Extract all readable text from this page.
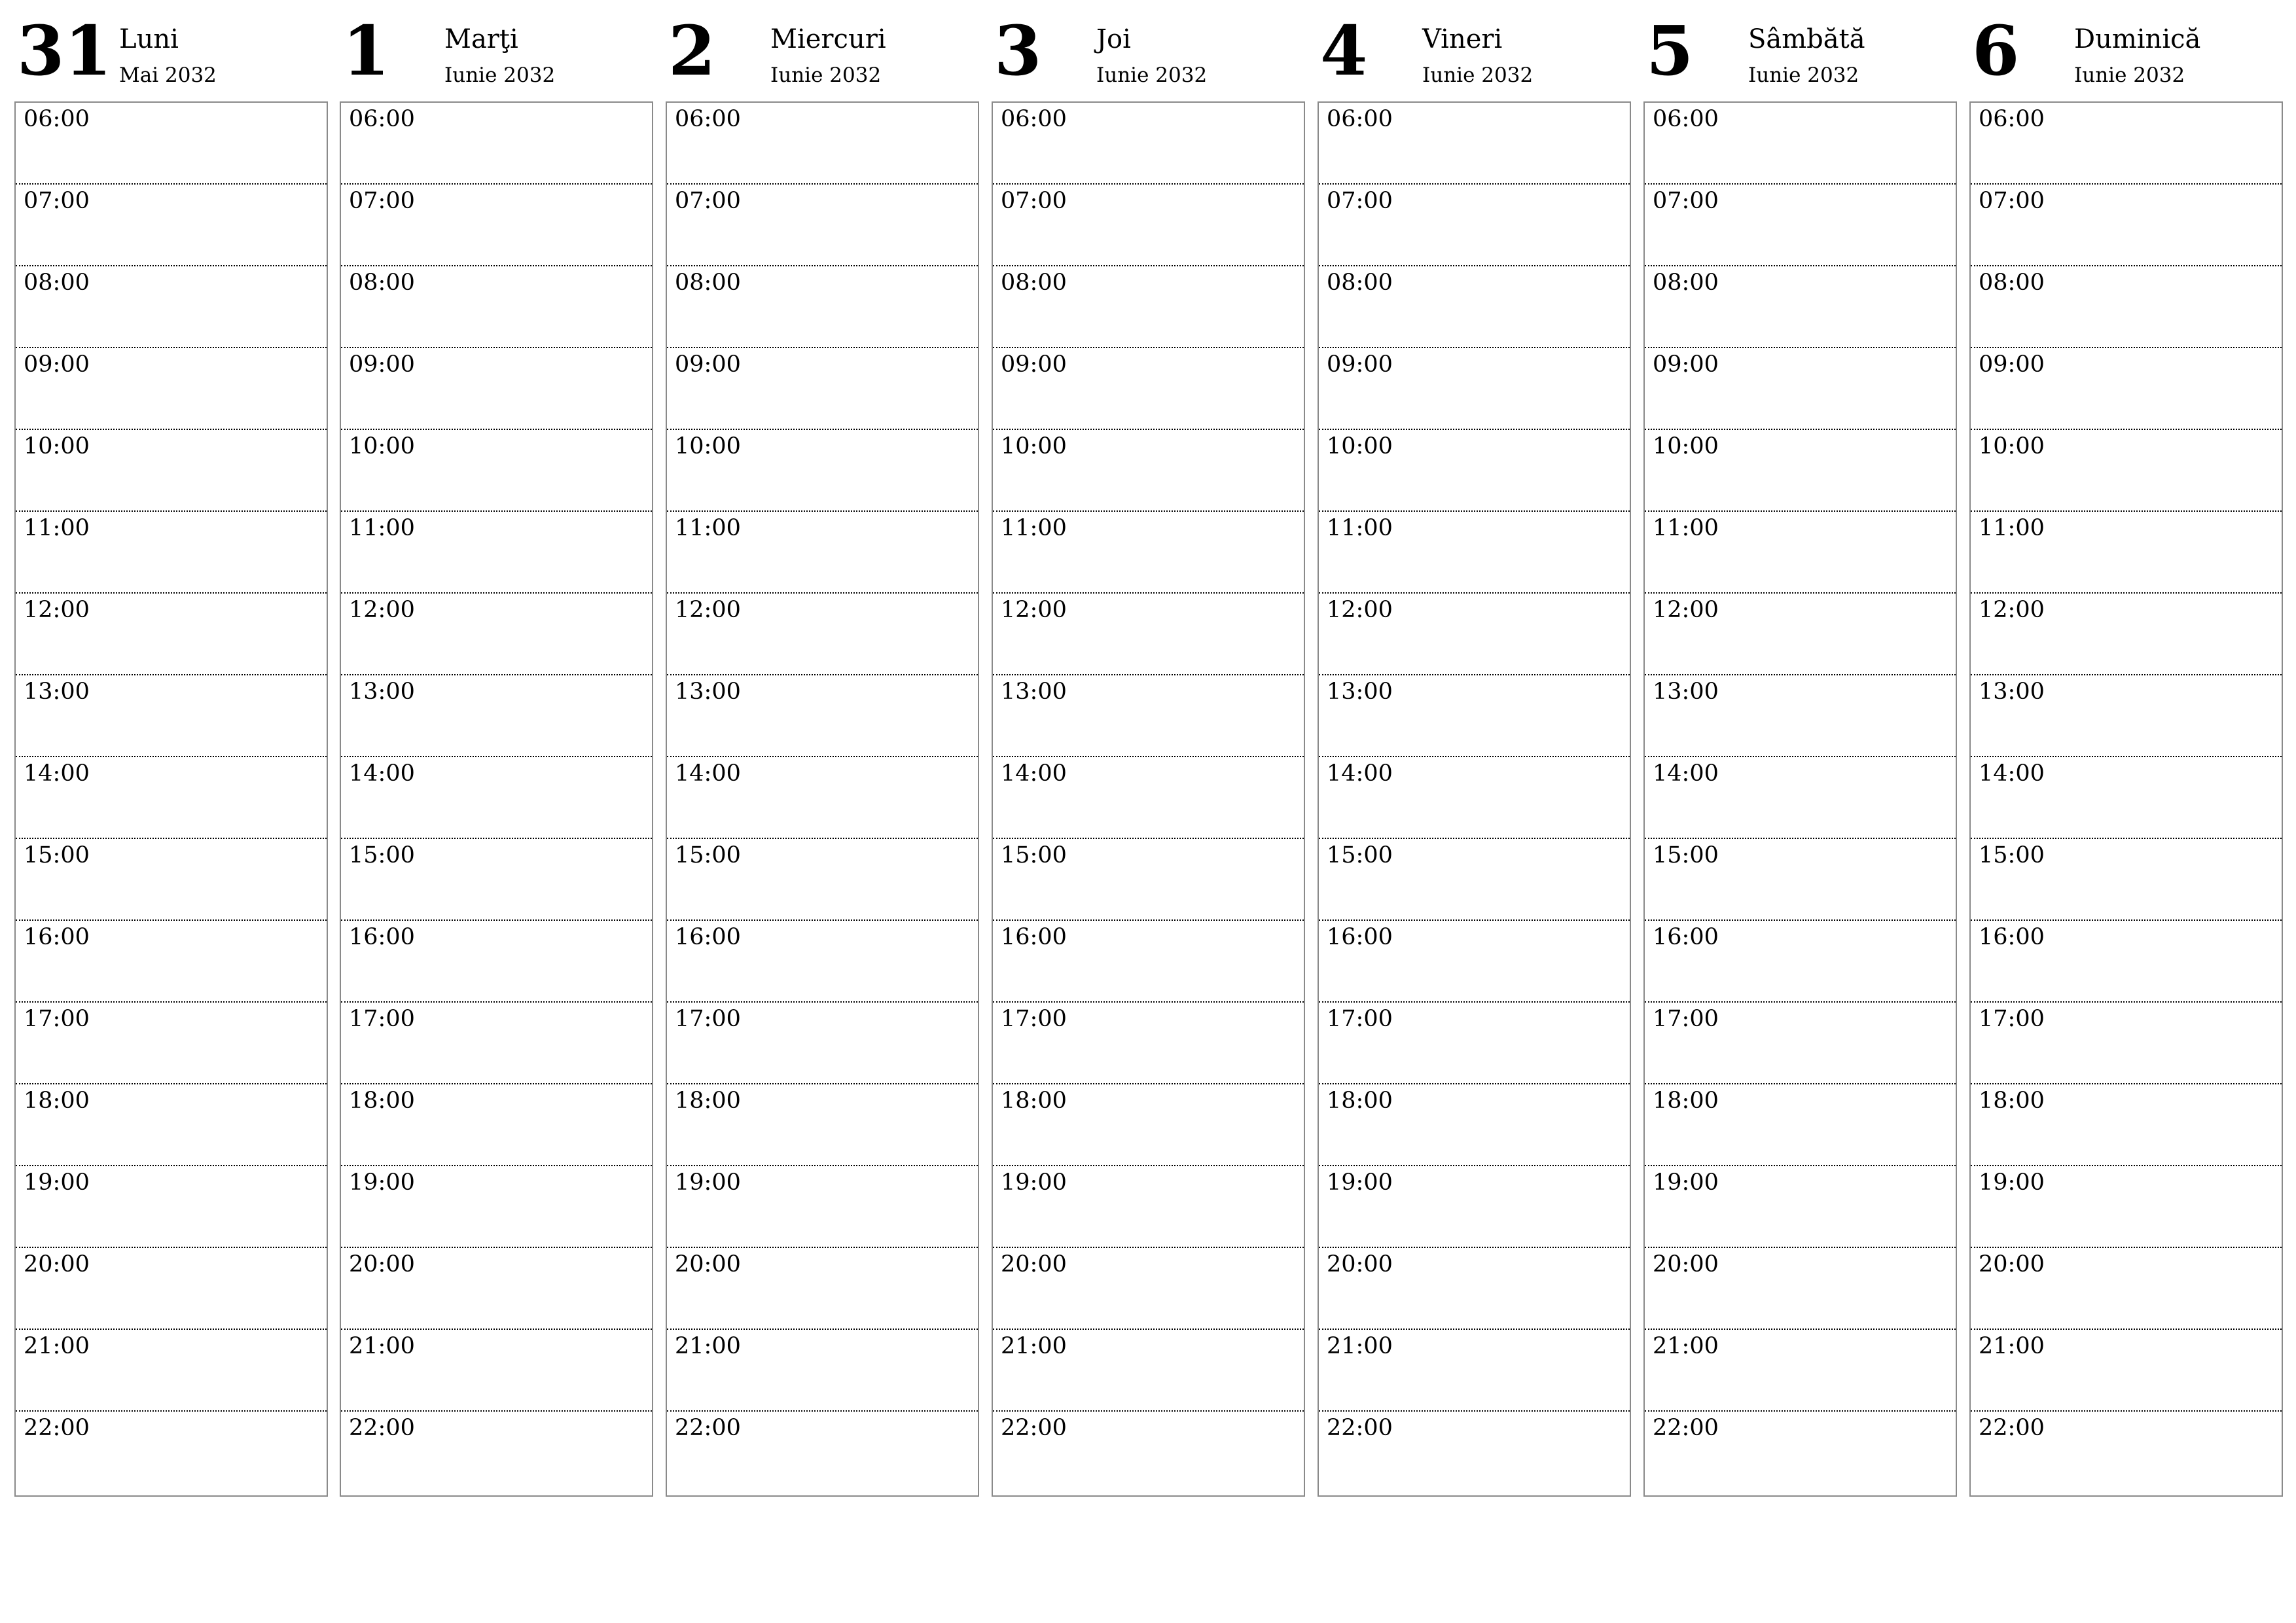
31 Luni
Mai 2032
06:00
07:00
08:00
09:00
10:00
11:00
12:00
13:00
14:00
15:00
16:00
17:00
18:00
19:00
20:00
21:00
22:00
1 Marţi
Iunie 2032
06:00
07:00
08:00
09:00
10:00
11:00
12:00
13:00
14:00
15:00
16:00
17:00
18:00
19:00
20:00
21:00
22:00
2 Miercuri
Iunie 2032
06:00
07:00
08:00
09:00
10:00
11:00
12:00
13:00
14:00
15:00
16:00
17:00
18:00
19:00
20:00
21:00
22:00
3 Joi
Iunie 2032
06:00
07:00
08:00
09:00
10:00
11:00
12:00
13:00
14:00
15:00
16:00
17:00
18:00
19:00
20:00
21:00
22:00
4 Vineri
Iunie 2032
06:00
07:00
08:00
09:00
10:00
11:00
12:00
13:00
14:00
15:00
16:00
17:00
18:00
19:00
20:00
21:00
22:00
5 Sâmbătă
Iunie 2032
06:00
07:00
08:00
09:00
10:00
11:00
12:00
13:00
14:00
15:00
16:00
17:00
18:00
19:00
20:00
21:00
22:00
6 Duminică
Iunie 2032
06:00
07:00
08:00
09:00
10:00
11:00
12:00
13:00
14:00
15:00
16:00
17:00
18:00
19:00
20:00
21:00
22:00
